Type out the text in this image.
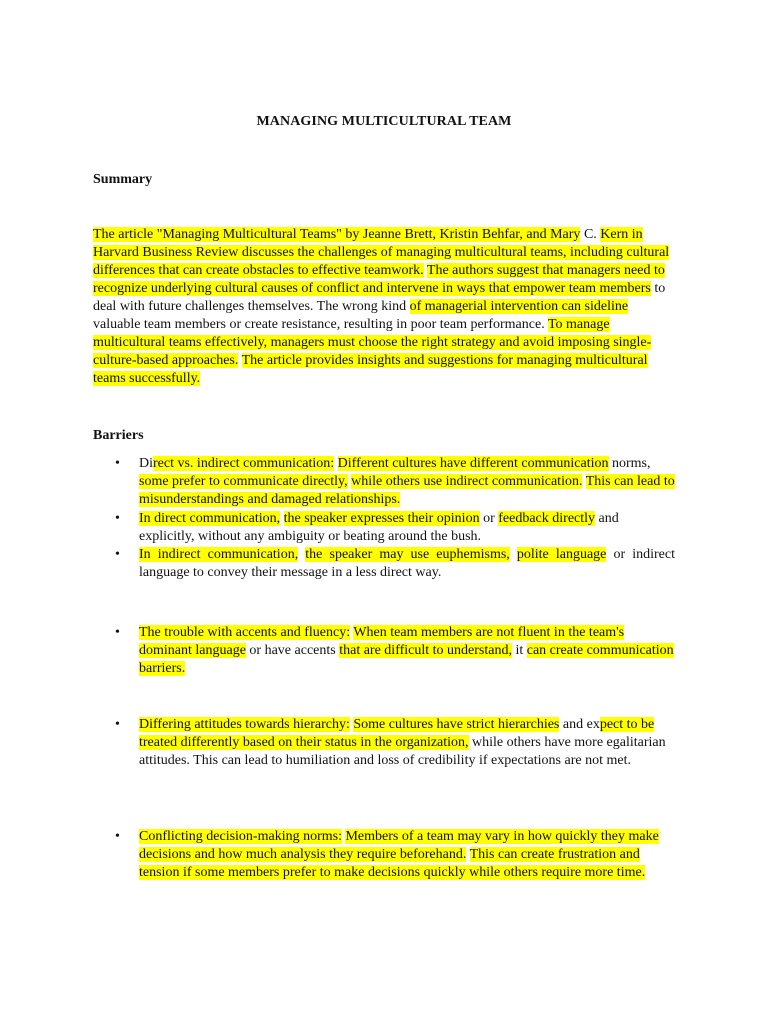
MANAGING MULTICULTURAL TEAM
Summary
The article "Managing Multicultural Teams" by Jeanne Brett, Kristin Behfar, and Mary C. Kern in Harvard Business Review discusses the challenges of managing multicultural teams, including cultural differences that can create obstacles to effective teamwork. The authors suggest that managers need to recognize underlying cultural causes of conflict and intervene in ways that empower team members to deal with future challenges themselves. The wrong kind of managerial intervention can sideline valuable team members or create resistance, resulting in poor team performance. To manage multicultural teams effectively, managers must choose the right strategy and avoid imposing single-culture-based approaches. The article provides insights and suggestions for managing multicultural teams successfully.
Barriers
•	Direct vs. indirect communication: Different cultures have different communication norms, some prefer to communicate directly, while others use indirect communication. This can lead to misunderstandings and damaged relationships.
•	In direct communication, the speaker expresses their opinion or feedback directly and explicitly, without any ambiguity or beating around the bush.
•	In indirect communication, the speaker may use euphemisms, polite language or indirect language to convey their message in a less direct way.
•	The trouble with accents and fluency: When team members are not fluent in the team's dominant language or have accents that are difficult to understand, it can create communication barriers.
•	Differing attitudes towards hierarchy: Some cultures have strict hierarchies and expect to be treated differently based on their status in the organization, while others have more egalitarian attitudes. This can lead to humiliation and loss of credibility if expectations are not met.
•	Conflicting decision-making norms: Members of a team may vary in how quickly they make decisions and how much analysis they require beforehand. This can create frustration and tension if some members prefer to make decisions quickly while others require more time.
